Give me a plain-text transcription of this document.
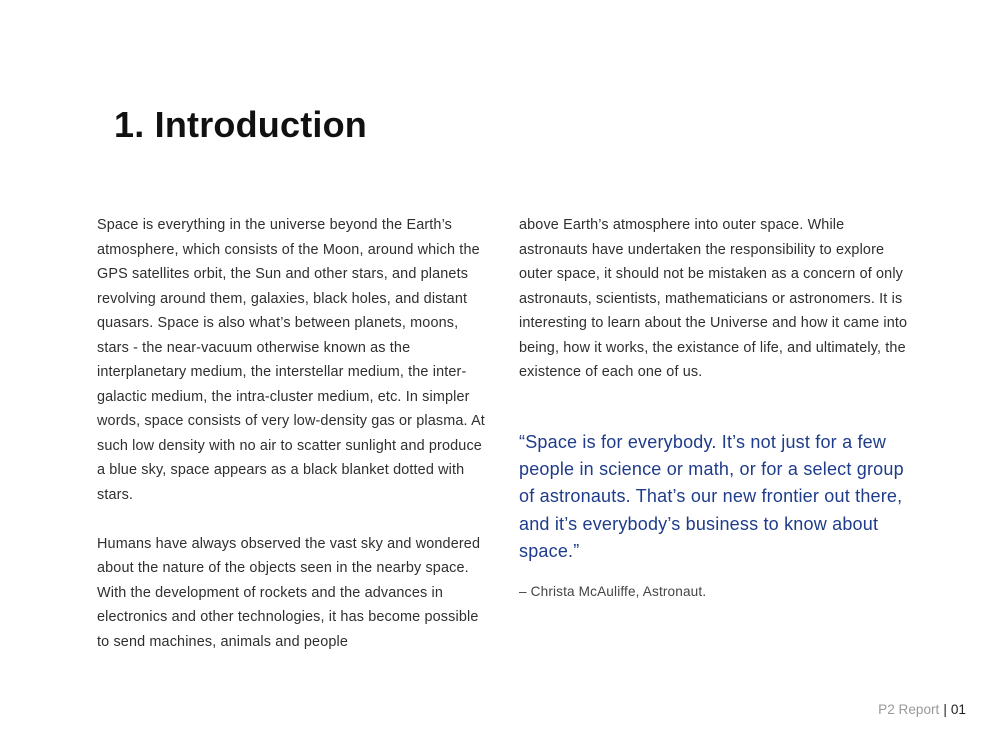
1. Introduction

Space is everything in the universe beyond the Earth’s atmosphere, which consists of the Moon, around which the GPS satellites orbit, the Sun and other stars, and planets revolving around them, galaxies, black holes, and distant quasars. Space is also what’s between planets, moons, stars - the near-vacuum otherwise known as the interplanetary medium, the interstellar medium, the inter-galactic medium, the intra-cluster medium, etc. In simpler words, space consists of very low-density gas or plasma. At such low density with no air to scatter sunlight and produce a blue sky, space appears as a black blanket dotted with stars.

Humans have always observed the vast sky and wondered about the nature of the objects seen in the nearby space. With the development of rockets and the advances in electronics and other technologies, it has become possible to send machines, animals and people

above Earth’s atmosphere into outer space. While astronauts have undertaken the responsibility to explore outer space, it should not be mistaken as a concern of only astronauts, scientists, mathematicians or astronomers. It is interesting to learn about the Universe and how it came into being, how it works, the existance of life, and ultimately, the existence of each one of us.

“Space is for everybody. It’s not just for a few people in science or math, or for a select group of astronauts. That’s our new frontier out there, and it’s everybody’s business to know about space.”

– Christa McAuliffe, Astronaut.

P2 Report | 01
